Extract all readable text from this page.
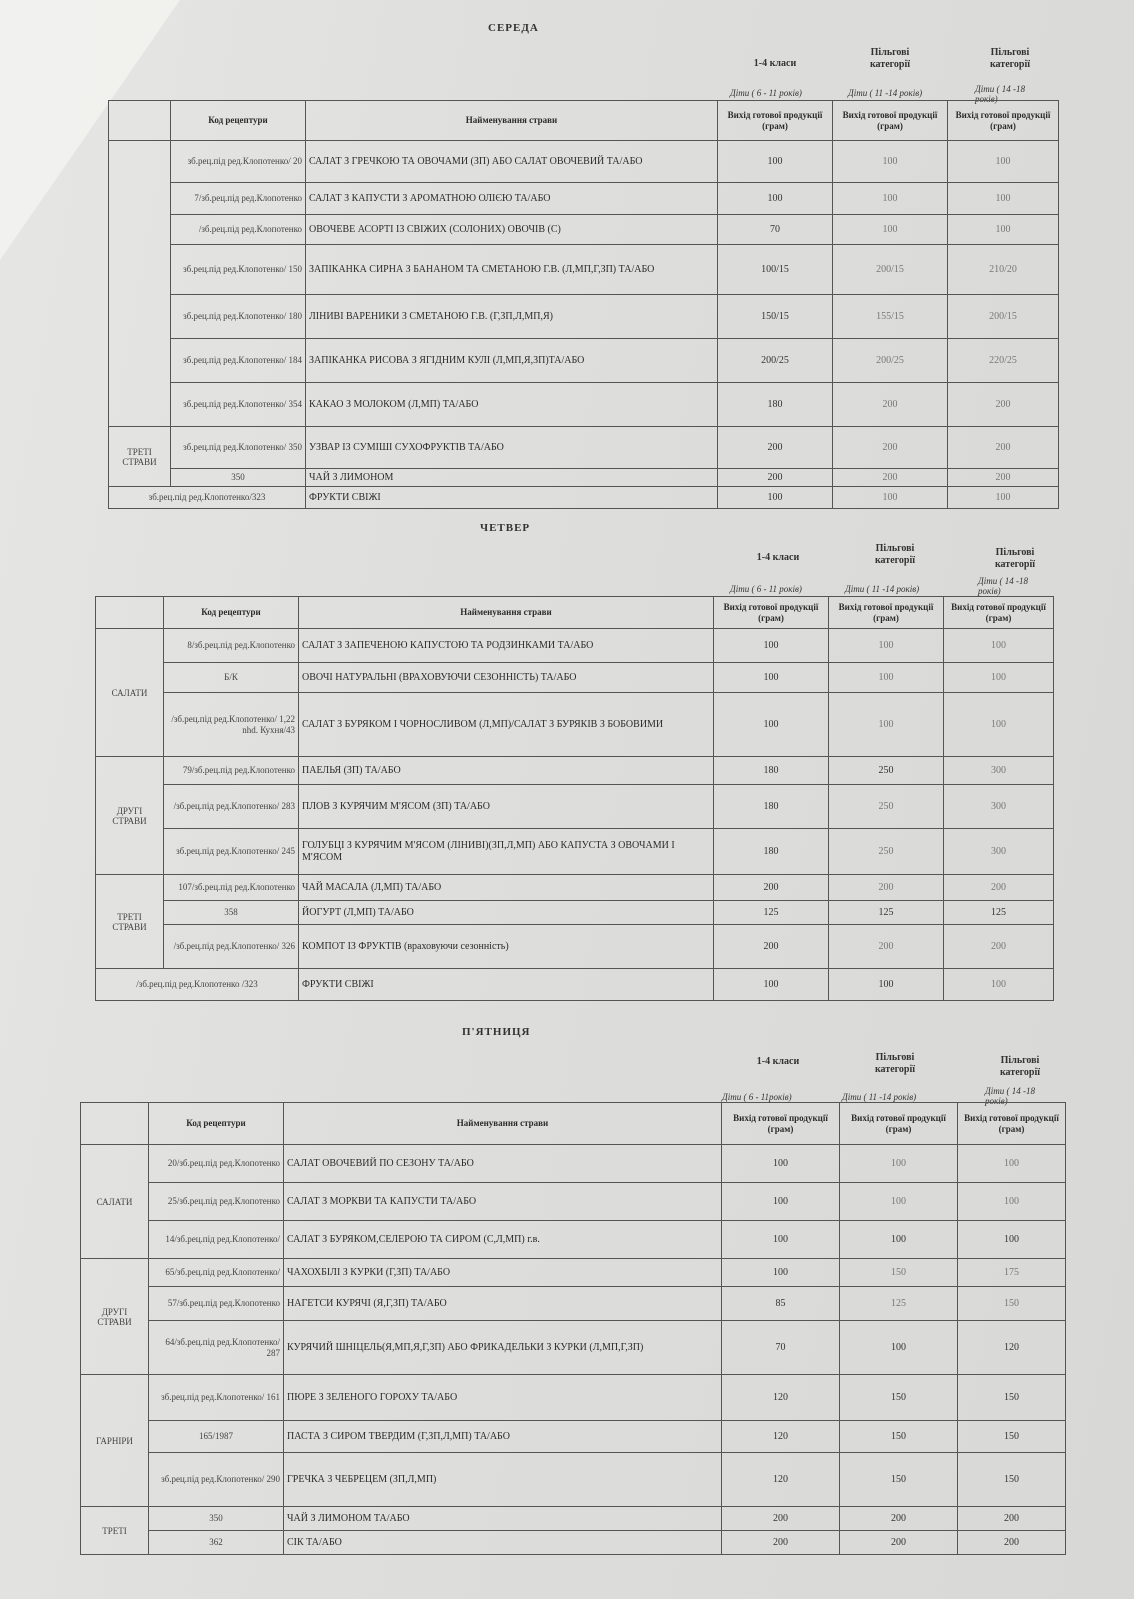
СЕРЕДА
1-4 класи
Пільгові категорії
Пільгові категорії
Діти ( 6 - 11 років)	Діти ( 11 -14 років)	Діти ( 14 -18 років)
	Код рецептури	Найменування страви	Вихід готової продукції (грам)	Вихід готової продукції (грам)	Вихід готової продукції (грам)
	зб.рец.під ред.Клопотенко/ 20	САЛАТ З ГРЕЧКОЮ ТА ОВОЧАМИ (ЗП) АБО САЛАТ ОВОЧЕВИЙ ТА/АБО	100	100	100
	7/зб.рец.під ред.Клопотенко	САЛАТ З КАПУСТИ З АРОМАТНОЮ ОЛІЄЮ ТА/АБО	100	100	100
	/зб.рец.під ред.Клопотенко	ОВОЧЕВЕ АСОРТІ ІЗ СВІЖИХ (СОЛОНИХ) ОВОЧІВ (С)	70	100	100
	зб.рец.під ред.Клопотенко/ 150	ЗАПІКАНКА СИРНА З БАНАНОМ ТА СМЕТАНОЮ Г.В. (Л,МП,Г,ЗП) ТА/АБО	100/15	200/15	210/20
	зб.рец.під ред.Клопотенко/ 180	ЛІНИВІ ВАРЕНИКИ З СМЕТАНОЮ Г.В. (Г,ЗП,Л,МП,Я)	150/15	155/15	200/15
	зб.рец.під ред.Клопотенко/ 184	ЗАПІКАНКА РИСОВА З ЯГІДНИМ КУЛІ (Л,МП,Я,ЗП)ТА/АБО	200/25	200/25	220/25
	зб.рец.під ред.Клопотенко/ 354	КАКАО З МОЛОКОМ (Л,МП) ТА/АБО	180	200	200
ТРЕТІ СТРАВИ	зб.рец.під ред.Клопотенко/ 350	УЗВАР ІЗ СУМІШІ СУХОФРУКТІВ ТА/АБО	200	200	200
	350	ЧАЙ З ЛИМОНОМ	200	200	200
зб.рец.під ред.Клопотенко/323		ФРУКТИ СВІЖІ	100	100	100
ЧЕТВЕР
1-4 класи
Пільгові категорії
Пільгові категорії
Діти ( 6 - 11 років)	Діти ( 11 -14 років)
Діти ( 14 -18 років)
	Код рецептури	Найменування страви	Вихід готової продукції (грам)	Вихід готової продукції (грам)	Вихід готової продукції (грам)
САЛАТИ	8/зб.рец.під ред.Клопотенко	САЛАТ З ЗАПЕЧЕНОЮ КАПУСТОЮ ТА РОДЗИНКАМИ ТА/АБО	100	100	100
	Б/К	ОВОЧІ НАТУРАЛЬНІ (ВРАХОВУЮЧИ СЕЗОННІСТЬ) ТА/АБО	100	100	100
	/зб.рец.під ред.Клопотенко/ 1,22 nhd. Кухня/43	САЛАТ З БУРЯКОМ І ЧОРНОСЛИВОМ (Л,МП)/САЛАТ З БУРЯКІВ З БОБОВИМИ	100	100	100
ДРУГІ СТРАВИ	79/зб.рец.під ред.Клопотенко	ПАЕЛЬЯ (ЗП) ТА/АБО	180	250	300
	/зб.рец.під ред.Клопотенко/ 283	ПЛОВ З КУРЯЧИМ М'ЯСОМ (ЗП) ТА/АБО	180	250	300
	зб.рец.під ред.Клопотенко/ 245	ГОЛУБЦІ З КУРЯЧИМ М'ЯСОМ (ЛІНИВІ)(ЗП,Л,МП) АБО КАПУСТА З ОВОЧАМИ І М'ЯСОМ	180	250	300
ТРЕТІ СТРАВИ	107/зб.рец.під ред.Клопотенко	ЧАЙ МАСАЛА (Л,МП) ТА/АБО	200	200	200
	358	ЙОГУРТ (Л,МП) ТА/АБО	125	125	125
	/зб.рец.під ред.Клопотенко/ 326	КОМПОТ ІЗ ФРУКТІВ (враховуючи сезонність)	200	200	200
/зб.рец.під ред.Клопотенко /323		ФРУКТИ СВІЖІ	100	100	100
П'ЯТНИЦЯ
1-4 класи	Пільгові категорії
Пільгові категорії
Діти ( 6 - 11років)	Діти ( 11 -14 років)
Діти ( 14 -18 років)
	Код рецептури	Найменування страви	Вихід готової продукції (грам)	Вихід готової продукції (грам)	Вихід готової продукції (грам)
САЛАТИ	20/зб.рец.під ред.Клопотенко	САЛАТ ОВОЧЕВИЙ ПО СЕЗОНУ ТА/АБО	100	100	100
	25/зб.рец.під ред.Клопотенко	САЛАТ З МОРКВИ ТА КАПУСТИ ТА/АБО	100	100	100
	14/зб.рец.під ред.Клопотенко/	САЛАТ З БУРЯКОМ,СЕЛЕРОЮ ТА СИРОМ (С,Л,МП) г.в.	100	100	100
ДРУГІ СТРАВИ	65/зб.рец.під ред.Клопотенко/	ЧАХОХБІЛІ З КУРКИ (Г,ЗП) ТА/АБО	100	150	175
	57/зб.рец.під ред.Клопотенко	НАГЕТСИ КУРЯЧІ (Я,Г,ЗП) ТА/АБО	85	125	150
	64/зб.рец.під ред.Клопотенко/ 287	КУРЯЧИЙ ШНІЦЕЛЬ(Я,МП,Я,Г,ЗП) АБО ФРИКАДЕЛЬКИ З КУРКИ (Л,МП,Г,ЗП)	70	100	120
ГАРНІРИ	зб.рец.під ред.Клопотенко/ 161	ПЮРЕ З ЗЕЛЕНОГО ГОРОХУ ТА/АБО	120	150	150
	165/1987	ПАСТА З СИРОМ ТВЕРДИМ (Г,ЗП,Л,МП) ТА/АБО	120	150	150
	зб.рец.під ред.Клопотенко/ 290	ГРЕЧКА З ЧЕБРЕЦЕМ (ЗП,Л,МП)	120	150	150
ТРЕТІ	350	ЧАЙ З ЛИМОНОМ ТА/АБО	200	200	200
	362	СІК ТА/АБО	200	200	200
